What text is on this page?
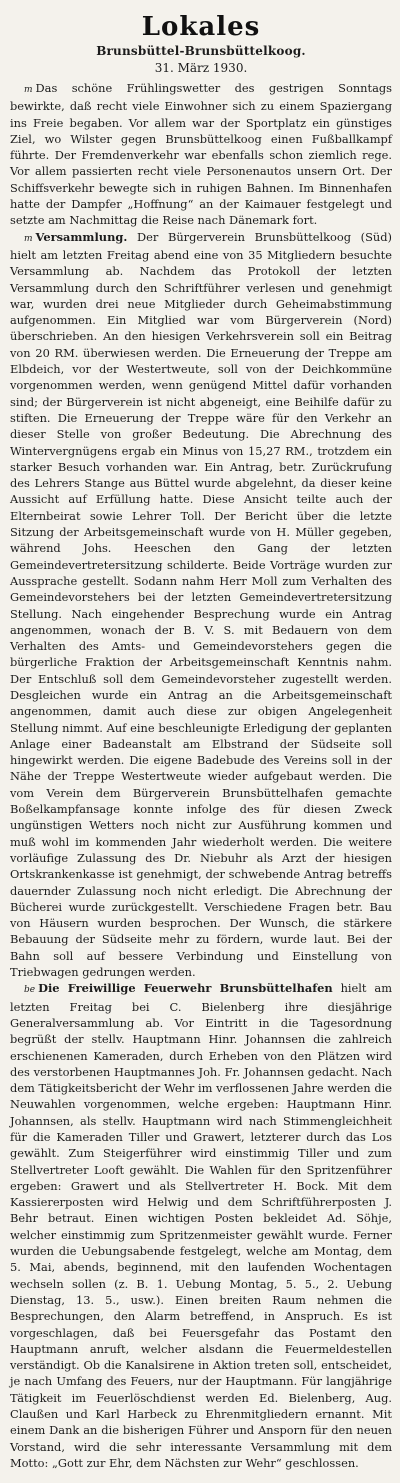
Lokales
Brunsbüttel-Brunsbüttelkoog.
31. März 1930.

m Das schöne Frühlingswetter des gestrigen Sonntags bewirkte, daß recht viele Einwohner sich zu einem Spaziergang ins Freie begaben. Vor allem war der Sportplatz ein günstiges Ziel, wo Wilster gegen Brunsbüttelkoog einen Fußballkampf führte. Der Fremdenverkehr war ebenfalls schon ziemlich rege. Vor allem passierten recht viele Personenautos unsern Ort. Der Schiffsverkehr bewegte sich in ruhigen Bahnen. Im Binnenhafen hatte der Dampfer „Hoffnung“ an der Kaimauer festgelegt und setzte am Nachmittag die Reise nach Dänemark fort.

m Versammlung. Der Bürgerverein Brunsbüttelkoog (Süd) hielt am letzten Freitag abend eine von 35 Mitgliedern besuchte Versammlung ab. Nachdem das Protokoll der letzten Versammlung durch den Schriftführer verlesen und genehmigt war, wurden drei neue Mitglieder durch Geheimabstimmung aufgenommen. Ein Mitglied war vom Bürgerverein (Nord) überschrieben. An den hiesigen Verkehrsverein soll ein Beitrag von 20 RM. überwiesen werden. Die Erneuerung der Treppe am Elbdeich, vor der Westertweute, soll von der Deichkommüne vorgenommen werden, wenn genügend Mittel dafür vorhanden sind; der Bürgerverein ist nicht abgeneigt, eine Beihilfe dafür zu stiften. Die Erneuerung der Treppe wäre für den Verkehr an dieser Stelle von großer Bedeutung. Die Abrechnung des Wintervergnügens ergab ein Minus von 15,27 RM., trotzdem ein starker Besuch vorhanden war. Ein Antrag, betr. Zurückrufung des Lehrers Stange aus Büttel wurde abgelehnt, da dieser keine Aussicht auf Erfüllung hatte. Diese Ansicht teilte auch der Elternbeirat sowie Lehrer Toll. Der Bericht über die letzte Sitzung der Arbeitsgemeinschaft wurde von H. Müller gegeben, während Johs. Heeschen den Gang der letzten Gemeindevertretersitzung schilderte. Beide Vorträge wurden zur Aussprache gestellt. Sodann nahm Herr Moll zum Verhalten des Gemeindevorstehers bei der letzten Gemeindevertretersitzung Stellung. Nach eingehender Besprechung wurde ein Antrag angenommen, wonach der B. V. S. mit Bedauern von dem Verhalten des Amts- und Gemeindevorstehers gegen die bürgerliche Fraktion der Arbeitsgemeinschaft Kenntnis nahm. Der Entschluß soll dem Gemeindevorsteher zugestellt werden. Desgleichen wurde ein Antrag an die Arbeitsgemeinschaft angenommen, damit auch diese zur obigen Angelegenheit Stellung nimmt. Auf eine beschleunigte Erledigung der geplanten Anlage einer Badeanstalt am Elbstrand der Südseite soll hingewirkt werden. Die eigene Badebude des Vereins soll in der Nähe der Treppe Westertweute wieder aufgebaut werden. Die vom Verein dem Bürgerverein Brunsbüttelhafen gemachte Boßelkampfansage konnte infolge des für diesen Zweck ungünstigen Wetters noch nicht zur Ausführung kommen und muß wohl im kommenden Jahr wiederholt werden. Die weitere vorläufige Zulassung des Dr. Niebuhr als Arzt der hiesigen Ortskrankenkasse ist genehmigt, der schwebende Antrag betreffs dauernder Zulassung noch nicht erledigt. Die Abrechnung der Bücherei wurde zurückgestellt. Verschiedene Fragen betr. Bau von Häusern wurden besprochen. Der Wunsch, die stärkere Bebauung der Südseite mehr zu fördern, wurde laut. Bei der Bahn soll auf bessere Verbindung und Einstellung von Triebwagen gedrungen werden.

be Die Freiwillige Feuerwehr Brunsbüttelhafen hielt am letzten Freitag bei C. Bielenberg ihre diesjährige Generalversammlung ab. Vor Eintritt in die Tagesordnung begrüßt der stellv. Hauptmann Hinr. Johannsen die zahlreich erschienenen Kameraden, durch Erheben von den Plätzen wird des verstorbenen Hauptmannes Joh. Fr. Johannsen gedacht. Nach dem Tätigkeitsbericht der Wehr im verflossenen Jahre werden die Neuwahlen vorgenommen, welche ergeben: Hauptmann Hinr. Johannsen, als stellv. Hauptmann wird nach Stimmengleichheit für die Kameraden Tiller und Grawert, letzterer durch das Los gewählt. Zum Steigerführer wird einstimmig Tiller und zum Stellvertreter Looft gewählt. Die Wahlen für den Spritzenführer ergeben: Grawert und als Stellvertreter H. Bock. Mit dem Kassiererposten wird Helwig und dem Schriftführerposten J. Behr betraut. Einen wichtigen Posten bekleidet Ad. Söhje, welcher einstimmig zum Spritzenmeister gewählt wurde. Ferner wurden die Uebungsabende festgelegt, welche am Montag, dem 5. Mai, abends, beginnend, mit den laufenden Wochentagen wechseln sollen (z. B. 1. Uebung Montag, 5. 5., 2. Uebung Dienstag, 13. 5., usw.). Einen breiten Raum nehmen die Besprechungen, den Alarm betreffend, in Anspruch. Es ist vorgeschlagen, daß bei Feuersgefahr das Postamt den Hauptmann anruft, welcher alsdann die Feuermeldestellen verständigt. Ob die Kanalsirene in Aktion treten soll, entscheidet, je nach Umfang des Feuers, nur der Hauptmann. Für langjährige Tätigkeit im Feuerlöschdienst werden Ed. Bielenberg, Aug. Claußen und Karl Harbeck zu Ehrenmitgliedern ernannt. Mit einem Dank an die bisherigen Führer und Ansporn für den neuen Vorstand, wird die sehr interessante Versammlung mit dem Motto: „Gott zur Ehr, dem Nächsten zur Wehr“ geschlossen.
